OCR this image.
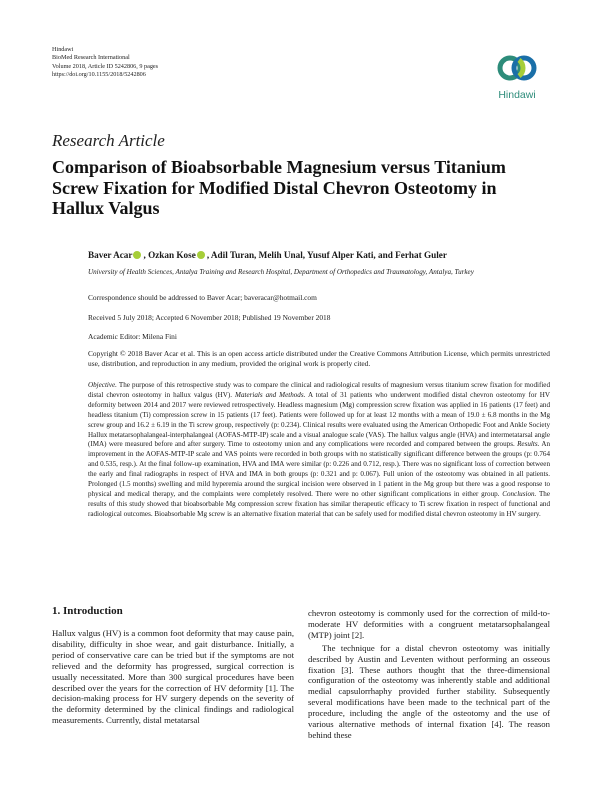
Hindawi
BioMed Research International
Volume 2018, Article ID 5242806, 9 pages
https://doi.org/10.1155/2018/5242806
Hindawi
Research Article
Comparison of Bioabsorbable Magnesium versus Titanium Screw Fixation for Modified Distal Chevron Osteotomy in Hallux Valgus
Baver Acar , Ozkan Kose , Adil Turan, Melih Unal, Yusuf Alper Kati, and Ferhat Guler
University of Health Sciences, Antalya Training and Research Hospital, Department of Orthopedics and Traumatology, Antalya, Turkey
Correspondence should be addressed to Baver Acar; baveracar@hotmail.com
Received 5 July 2018; Accepted 6 November 2018; Published 19 November 2018
Academic Editor: Milena Fini
Copyright © 2018 Baver Acar et al. This is an open access article distributed under the Creative Commons Attribution License, which permits unrestricted use, distribution, and reproduction in any medium, provided the original work is properly cited.
Objective. The purpose of this retrospective study was to compare the clinical and radiological results of magnesium versus titanium screw fixation for modified distal chevron osteotomy in hallux valgus (HV). Materials and Methods. A total of 31 patients who underwent modified distal chevron osteotomy for HV deformity between 2014 and 2017 were reviewed retrospectively. Headless magnesium (Mg) compression screw fixation was applied in 16 patients (17 feet) and headless titanium (Ti) compression screw in 15 patients (17 feet). Patients were followed up for at least 12 months with a mean of 19.0 ± 6.8 months in the Mg screw group and 16.2 ± 6.19 in the Ti screw group, respectively (p: 0.234). Clinical results were evaluated using the American Orthopedic Foot and Ankle Society Hallux metatarsophalangeal-interphalangeal (AOFAS-MTP-IP) scale and a visual analogue scale (VAS). The hallux valgus angle (HVA) and intermetatarsal angle (IMA) were measured before and after surgery. Time to osteotomy union and any complications were recorded and compared between the groups. Results. An improvement in the AOFAS-MTP-IP scale and VAS points were recorded in both groups with no statistically significant difference between the groups (p: 0.764 and 0.535, resp.). At the final follow-up examination, HVA and IMA were similar (p: 0.226 and 0.712, resp.). There was no significant loss of correction between the early and final radiographs in respect of HVA and IMA in both groups (p: 0.321 and p: 0.067). Full union of the osteotomy was obtained in all patients. Prolonged (1.5 months) swelling and mild hyperemia around the surgical incision were observed in 1 patient in the Mg group but there was a good response to physical and medical therapy, and the complaints were completely resolved. There were no other significant complications in either group. Conclusion. The results of this study showed that bioabsorbable Mg compression screw fixation has similar therapeutic efficacy to Ti screw fixation in respect of functional and radiological outcomes. Bioabsorbable Mg screw is an alternative fixation material that can be safely used for modified distal chevron osteotomy in HV surgery.
1. Introduction

Hallux valgus (HV) is a common foot deformity that may cause pain, disability, difficulty in shoe wear, and gait disturbance. Initially, a period of conservative care can be tried but if the symptoms are not relieved and the deformity has progressed, surgical correction is usually necessitated. More than 300 surgical procedures have been described over the years for the correction of HV deformity [1]. The decision-making process for HV surgery depends on the severity of the deformity determined by the clinical findings and radiological measurements. Currently, distal metatarsal

chevron osteotomy is commonly used for the correction of mild-to-moderate HV deformities with a congruent metatarsophalangeal (MTP) joint [2].

The technique for a distal chevron osteotomy was initially described by Austin and Leventen without performing an osseous fixation [3]. These authors thought that the three-dimensional configuration of the osteotomy was inherently stable and additional medial capsulorrhaphy provided further stability. Subsequently several modifications have been made to the technical part of the procedure, including the angle of the osteotomy and the use of various alternative methods of internal fixation [4]. The reason behind these
